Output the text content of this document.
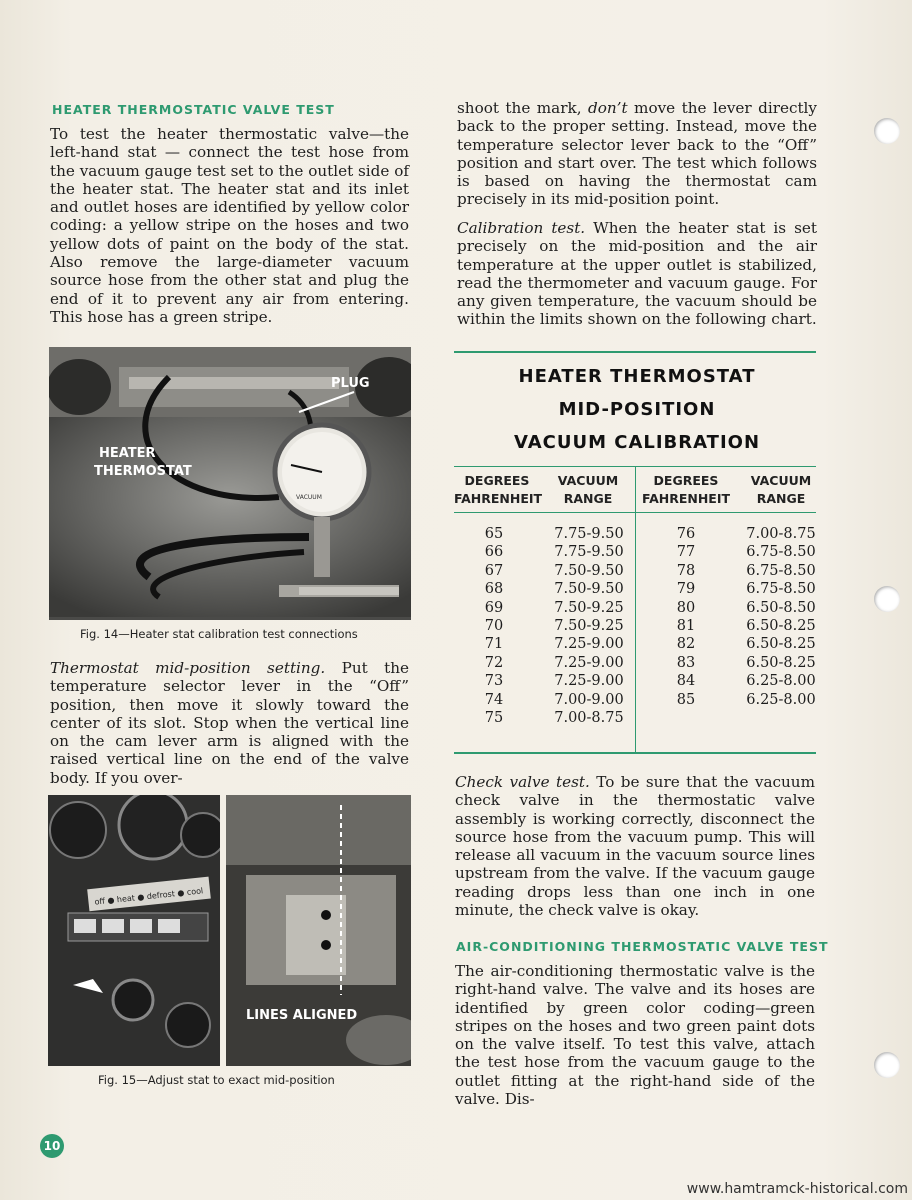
HEATER THERMOSTATIC VALVE TEST

To test the heater thermostatic valve—the left-hand stat — connect the test hose from the vacuum gauge test set to the outlet side of the heater stat. The heater stat and its inlet and outlet hoses are identified by yellow color coding: a yellow stripe on the hoses and two yellow dots of paint on the body of the stat. Also remove the large-diameter vacuum source hose from the other stat and plug the end of it to prevent any air from entering. This hose has a green stripe.

VACUUM
PLUG
HEATER
THERMOSTAT
Fig. 14—Heater stat calibration test connections

Thermostat mid-position setting. Put the temperature selector lever in the “Off” position, then move it slowly toward the center of its slot. Stop when the vertical line on the cam lever arm is aligned with the raised vertical line on the end of the valve body. If you over-

off ● heat ● defrost ● cool
LINES ALIGNED
Fig. 15—Adjust stat to exact mid-position

shoot the mark, don’t move the lever directly back to the proper setting. Instead, move the temperature selector lever back to the “Off” position and start over. The test which follows is based on having the thermostat cam precisely in its mid-position point.

Calibration test. When the heater stat is set precisely on the mid-position and the air temperature at the upper outlet is stabilized, read the thermometer and vacuum gauge. For any given temperature, the vacuum should be within the limits shown on the following chart.

HEATER THERMOSTAT
MID-POSITION
VACUUM CALIBRATION
DEGREES
FAHRENHEIT
VACUUM
RANGE
DEGREES
FAHRENHEIT
VACUUM
RANGE
65
66
67
68
69
70
71
72
73
74
75
7.75-9.50
7.75-9.50
7.50-9.50
7.50-9.50
7.50-9.25
7.50-9.25
7.25-9.00
7.25-9.00
7.25-9.00
7.00-9.00
7.00-8.75
76
77
78
79
80
81
82
83
84
85
7.00-8.75
6.75-8.50
6.75-8.50
6.75-8.50
6.50-8.50
6.50-8.25
6.50-8.25
6.50-8.25
6.25-8.00
6.25-8.00

Check valve test. To be sure that the vacuum check valve in the thermostatic valve assembly is working correctly, disconnect the source hose from the vacuum pump. This will release all vacuum in the vacuum source lines upstream from the valve. If the vacuum gauge reading drops less than one inch in one minute, the check valve is okay.

AIR-CONDITIONING THERMOSTATIC VALVE TEST

The air-conditioning thermostatic valve is the right-hand valve. The valve and its hoses are identified by green color coding—green stripes on the hoses and two green paint dots on the valve itself. To test this valve, attach the test hose from the vacuum gauge to the outlet fitting at the right-hand side of the valve. Dis-

10
www.hamtramck-historical.com
